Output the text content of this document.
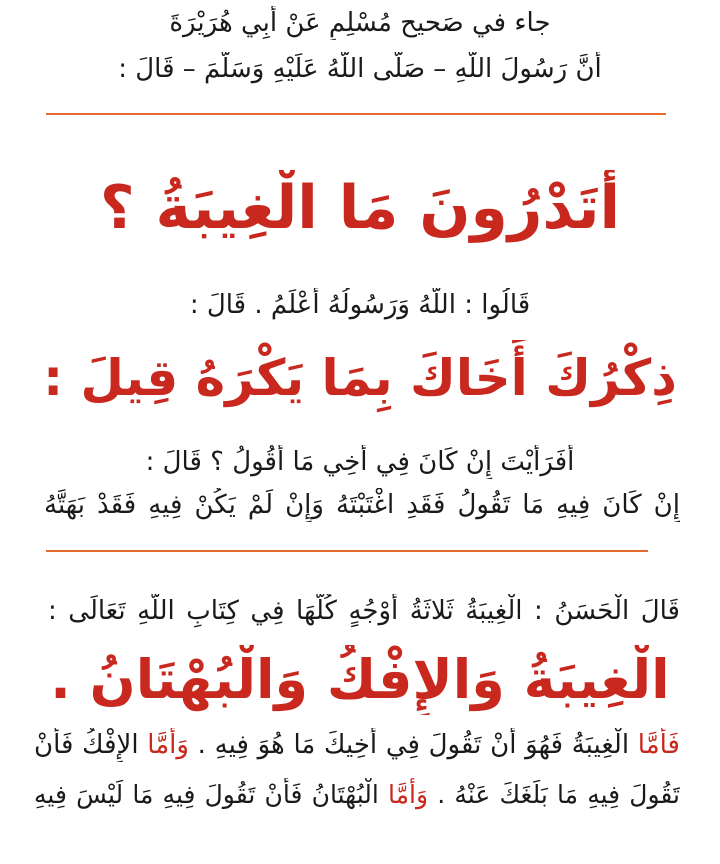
جاء في صَحيح مُسْلِمٍ عَنْ أَبِي هُرَيْرَةَ
أَنَّ رَسُولَ اللَّهِ – صَلَّى اللَّهُ عَلَيْهِ وَسَلَّمَ – قَالَ :
أَتَدْرُونَ مَا الْغِيبَةُ ؟
قَالُوا : اللَّهُ وَرَسُولُهُ أَعْلَمُ . قَالَ :
ذِكْرُكَ أَخَاكَ بِمَا يَكْرَهُ قِيلَ :
أَفَرَأَيْتَ إِنْ كَانَ فِي أَخِي مَا أَقُولُ ؟ قَالَ :
إِنْ كَانَ فِيهِ مَا تَقُولُ فَقَدِ اغْتَبْتَهُ وَإِنْ لَمْ يَكُنْ فِيهِ فَقَدْ بَهَتَّهُ
قَالَ الْحَسَنُ : الْغِيبَةُ ثَلاثَةُ أَوْجُهٍ كُلُّهَا فِي كِتَابِ اللَّهِ تَعَالَى :
الْغِيبَةُ وَالإِفْكُ وَالْبُهْتَانُ .
فَأَمَّا الْغِيبَةُ فَهُوَ أَنْ تَقُولَ فِي أَخِيكَ مَا هُوَ فِيهِ . وَأَمَّا الإِفْكُ فَأَنْ
تَقُولَ فِيهِ مَا بَلَغَكَ عَنْهُ . وَأَمَّا الْبُهْتَانُ فَأَنْ تَقُولَ فِيهِ مَا لَيْسَ فِيهِ
